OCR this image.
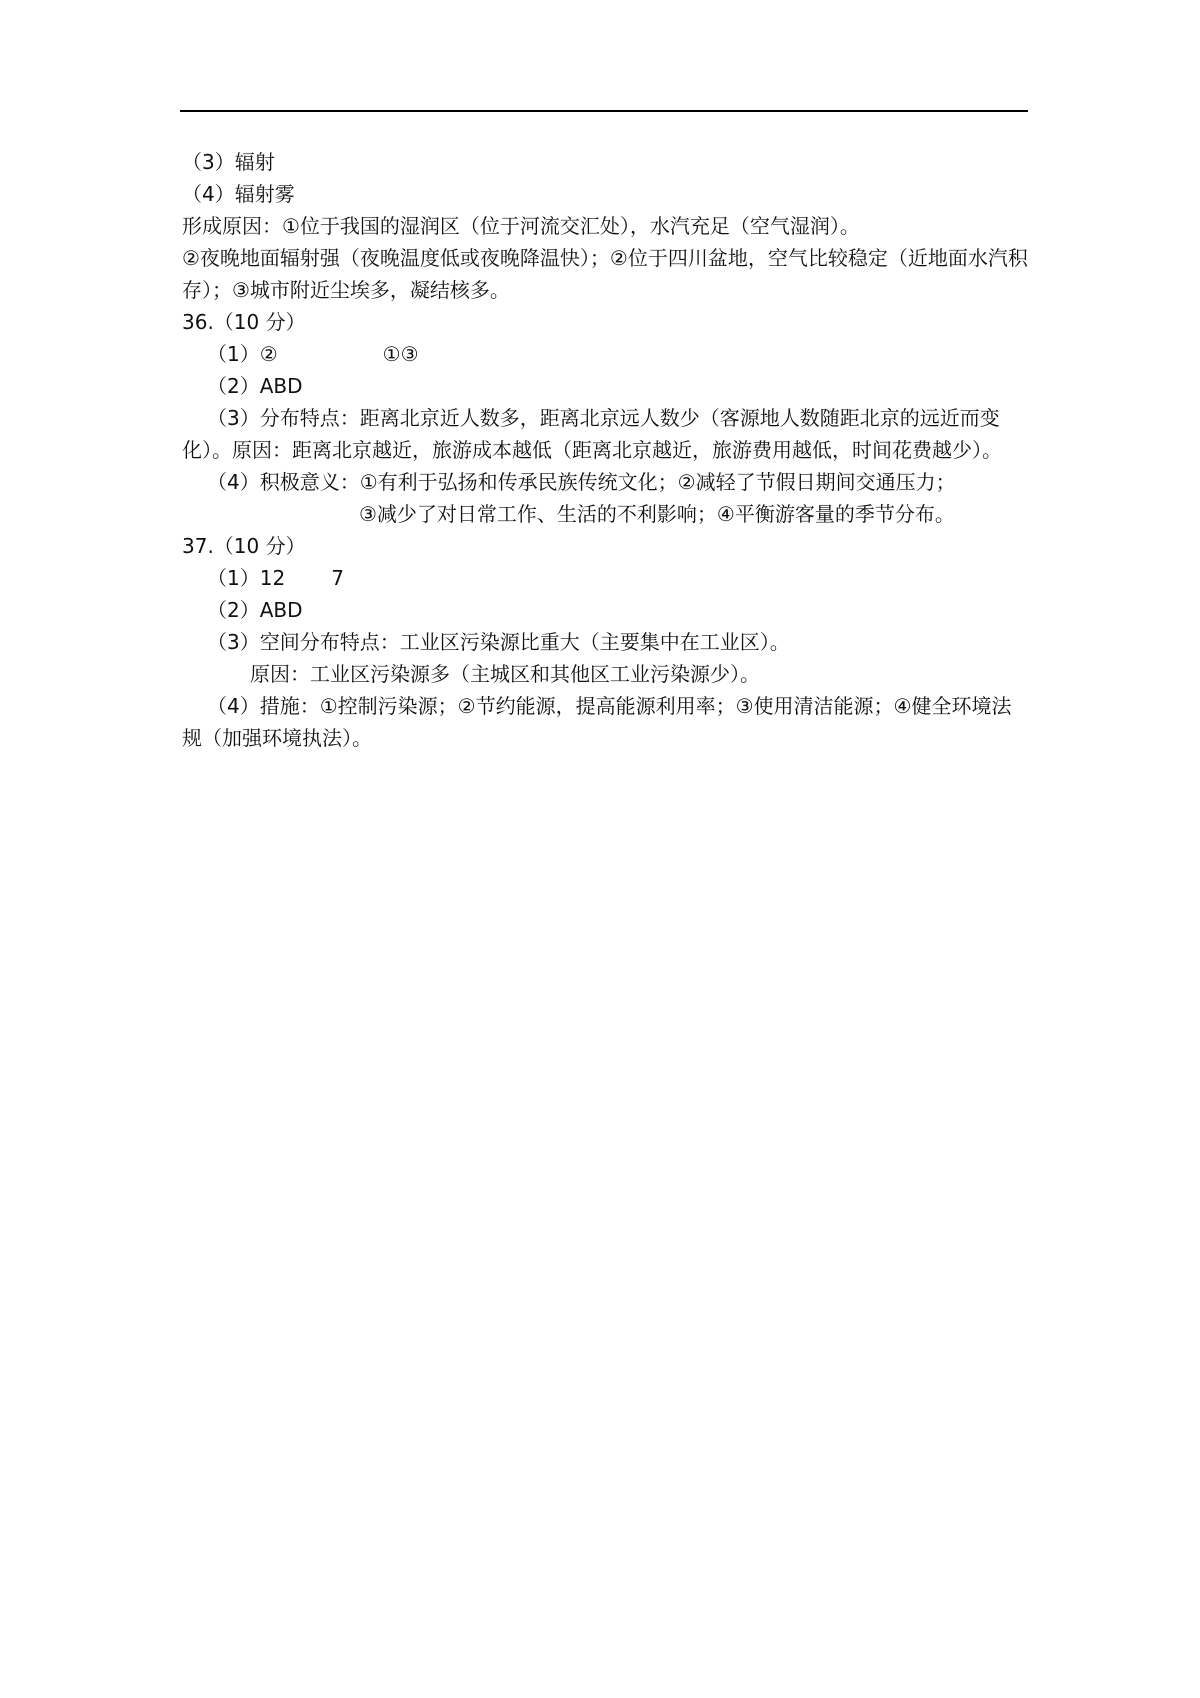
（3）辐射
（4）辐射雾
形成原因：①位于我国的湿润区（位于河流交汇处），水汽充足（空气湿润）。
②夜晚地面辐射强（夜晚温度低或夜晚降温快）；②位于四川盆地，空气比较稳定（近地面水汽积存）；③城市附近尘埃多，凝结核多。
36.（10 分）
（1）②	①③
（2）ABD
（3）分布特点：距离北京近人数多，距离北京远人数少（客源地人数随距北京的远近而变化）。原因：距离北京越近，旅游成本越低（距离北京越近，旅游费用越低，时间花费越少）。
（4）积极意义：①有利于弘扬和传承民族传统文化；②减轻了节假日期间交通压力；
③减少了对日常工作、生活的不利影响；④平衡游客量的季节分布。
37.（10 分）
（1）12 7
（2）ABD
（3）空间分布特点：工业区污染源比重大（主要集中在工业区）。
原因：工业区污染源多（主城区和其他区工业污染源少）。
（4）措施：①控制污染源；②节约能源，提高能源利用率；③使用清洁能源；④健全环境法规（加强环境执法）。
